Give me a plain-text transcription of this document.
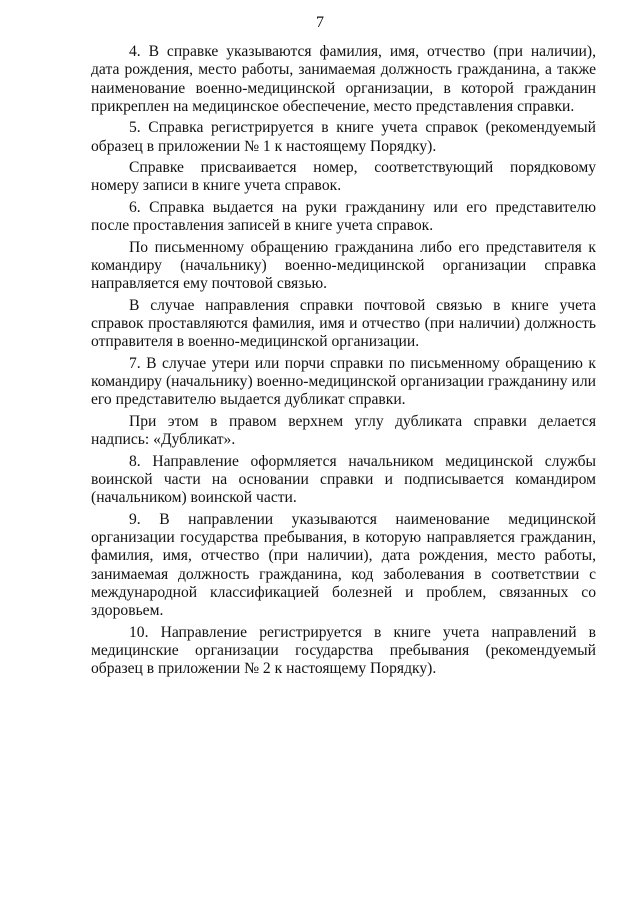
7

4. В справке указываются фамилия, имя, отчество (при наличии), дата рождения, место работы, занимаемая должность гражданина, а также наименование военно-медицинской организации, в которой гражданин прикреплен на медицинское обеспечение, место представления справки.

5. Справка регистрируется в книге учета справок (рекомендуемый образец в приложении № 1 к настоящему Порядку).

Справке присваивается номер, соответствующий порядковому номеру записи в книге учета справок.

6. Справка выдается на руки гражданину или его представителю после проставления записей в книге учета справок.

По письменному обращению гражданина либо его представителя к командиру (начальнику) военно-медицинской организации справка направляется ему почтовой связью.

В случае направления справки почтовой связью в книге учета справок проставляются фамилия, имя и отчество (при наличии) должность отправителя в военно-медицинской организации.

7. В случае утери или порчи справки по письменному обращению к командиру (начальнику) военно-медицинской организации гражданину или его представителю выдается дубликат справки.

При этом в правом верхнем углу дубликата справки делается надпись: «Дубликат».

8. Направление оформляется начальником медицинской службы воинской части на основании справки и подписывается командиром (начальником) воинской части.

9. В направлении указываются наименование медицинской организации государства пребывания, в которую направляется гражданин, фамилия, имя, отчество (при наличии), дата рождения, место работы, занимаемая должность гражданина, код заболевания в соответствии с международной классификацией болезней и проблем, связанных со здоровьем.

10. Направление регистрируется в книге учета направлений в медицинские организации государства пребывания (рекомендуемый образец в приложении № 2 к настоящему Порядку).
